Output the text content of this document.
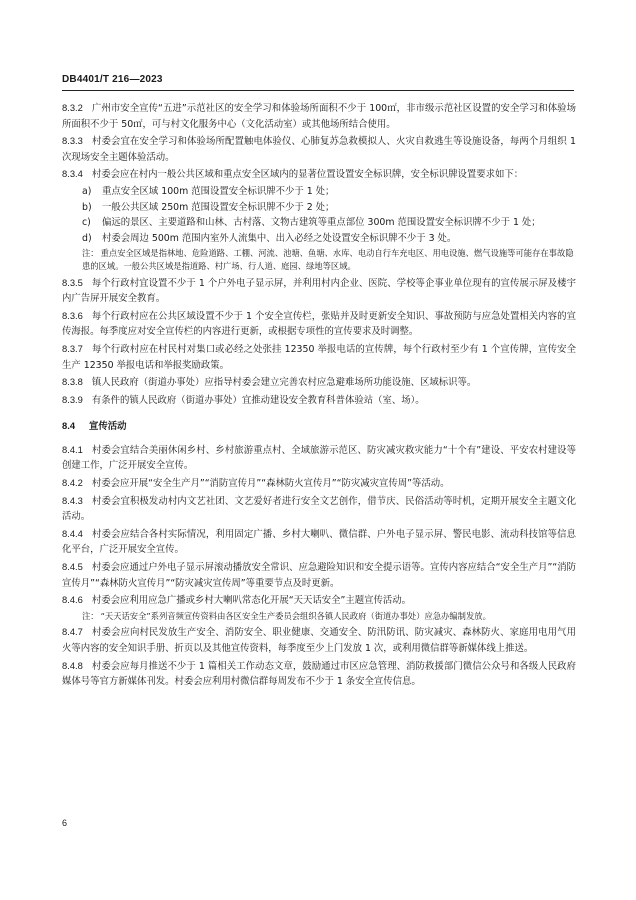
DB4401/T 216—2023
8.3.2 广州市安全宣传“五进”示范社区的安全学习和体验场所面积不少于 100㎡，非市级示范社区设置的安全学习和体验场所面积不少于 50㎡，可与村文化服务中心（文化活动室）或其他场所结合使用。
8.3.3 村委会宜在安全学习和体验场所配置触电体验仪、心肺复苏急救模拟人、火灾自救逃生等设施设备，每两个月组织 1 次现场安全主题体验活动。
8.3.4 村委会应在村内一般公共区域和重点安全区域内的显著位置设置安全标识牌，安全标识牌设置要求如下：
a) 重点安全区域 100m 范围设置安全标识牌不少于 1 处；
b) 一般公共区域 250m 范围设置安全标识牌不少于 2 处；
c) 偏远的景区、主要道路和山林、古村落、文物古建筑等重点部位 300m 范围设置安全标识牌不少于 1 处；
d) 村委会周边 500m 范围内室外人流集中、出入必经之处设置安全标识牌不少于 3 处。
注： 重点安全区域是指林地、危险道路、工棚、河流、池塘、鱼塘、水库、电动自行车充电区、用电设施、燃气设施等可能存在事故隐患的区域。一般公共区域是指道路、村广场、行人道、庭园、绿地等区域。
8.3.5 每个行政村宜设置不少于 1 个户外电子显示屏，并利用村内企业、医院、学校等企事业单位现有的宣传展示屏及楼宇内广告屏开展安全教育。
8.3.6 每个行政村应在公共区域设置不少于 1 个安全宣传栏，张贴并及时更新安全知识、事故预防与应急处置相关内容的宣传海报。每季度应对安全宣传栏的内容进行更新，或根据专项性的宣传要求及时调整。
8.3.7 每个行政村应在村民村对集口或必经之处张挂 12350 举报电话的宣传牌，每个行政村至少有 1 个宣传牌，宣传安全生产 12350 举报电话和举报奖励政策。
8.3.8 镇人民政府（街道办事处）应指导村委会建立完善农村应急避难场所功能设施、区域标识等。
8.3.9 有条件的镇人民政府（街道办事处）宜推动建设安全教育科普体验站（室、场）。
8.4 宣传活动
8.4.1 村委会宜结合美丽休闲乡村、乡村旅游重点村、全域旅游示范区、防灾减灾救灾能力“十个有”建设、平安农村建设等创建工作，广泛开展安全宣传。
8.4.2 村委会应开展“安全生产月”“消防宣传月”“森林防火宣传月”“防灾减灾宣传周”等活动。
8.4.3 村委会宜积极发动村内文艺社团、文艺爱好者进行安全文艺创作，借节庆、民俗活动等时机，定期开展安全主题文化活动。
8.4.4 村委会应结合各村实际情况，利用固定广播、乡村大喇叭、微信群、户外电子显示屏、警民电影、流动科技馆等信息化平台，广泛开展安全宣传。
8.4.5 村委会应通过户外电子显示屏滚动播放安全常识、应急避险知识和安全提示语等。宣传内容应结合“安全生产月”“消防宣传月”“森林防火宣传月”“防灾减灾宣传周”等重要节点及时更新。
8.4.6 村委会应利用应急广播或乡村大喇叭常态化开展“天天话安全”主题宣传活动。
注： “天天话安全”系列音频宣传资料由各区安全生产委员会组织各镇人民政府（街道办事处）应急办编制发放。
8.4.7 村委会应向村民发放生产安全、消防安全、职业健康、交通安全、防汛防讯、防灾减灾、森林防火、家庭用电用气用火等内容的安全知识手册、折页以及其他宣传资料，每季度至少上门发放 1 次，或利用微信群等新媒体线上推送。
8.4.8 村委会应每月推送不少于 1 篇相关工作动态文章，鼓励通过市区应急管理、消防救援部门微信公众号和各级人民政府媒体号等官方新媒体刊发。村委会应利用村微信群每周发布不少于 1 条安全宣传信息。
6
